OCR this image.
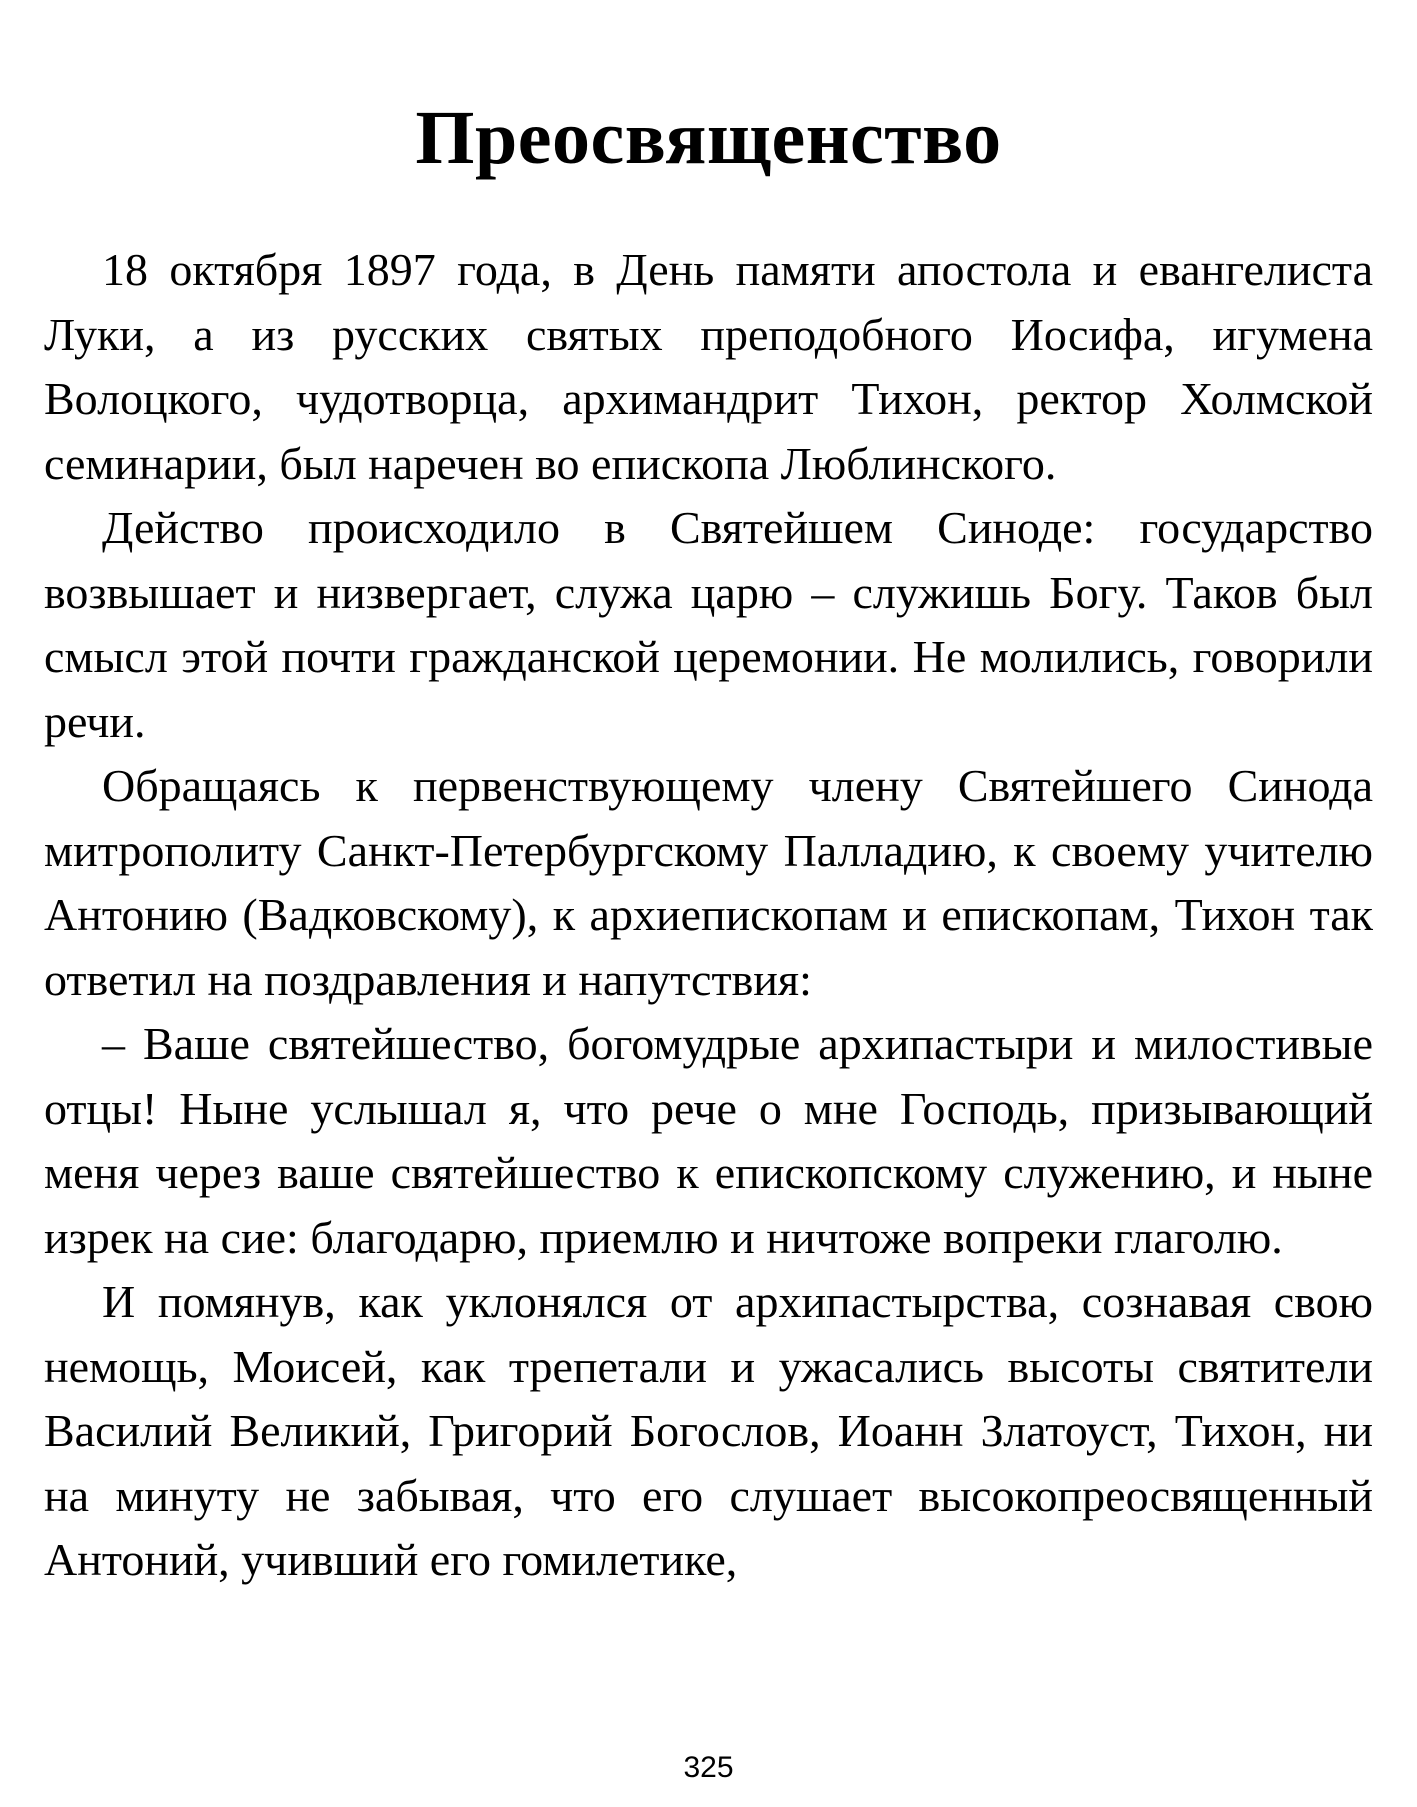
Преосвященство

18 октября 1897 года, в День памяти апостола и евангелиста Луки, а из русских святых преподобного Иосифа, игумена Волоцкого, чудотворца, архимандрит Тихон, ректор Холмской семинарии, был наречен во епископа Люблинского.

Действо происходило в Святейшем Синоде: государство возвышает и низвергает, служа царю – служишь Богу. Таков был смысл этой почти гражданской церемонии. Не молились, говорили речи.

Обращаясь к первенствующему члену Святейшего Синода митрополиту Санкт-Петербургскому Палладию, к своему учителю Антонию (Вадковскому), к архиепископам и епископам, Тихон так ответил на поздравления и напутствия:

– Ваше святейшество, богомудрые архипастыри и милостивые отцы! Ныне услышал я, что рече о мне Господь, призывающий меня через ваше святейшество к епископскому служению, и ныне изрек на сие: благодарю, приемлю и ничтоже вопреки глаголю.

И помянув, как уклонялся от архипастырства, сознавая свою немощь, Моисей, как трепетали и ужасались высоты святители Василий Великий, Григорий Богослов, Иоанн Златоуст, Тихон, ни на минуту не забывая, что его слушает высокопреосвященный Антоний, учивший его гомилетике,

325
